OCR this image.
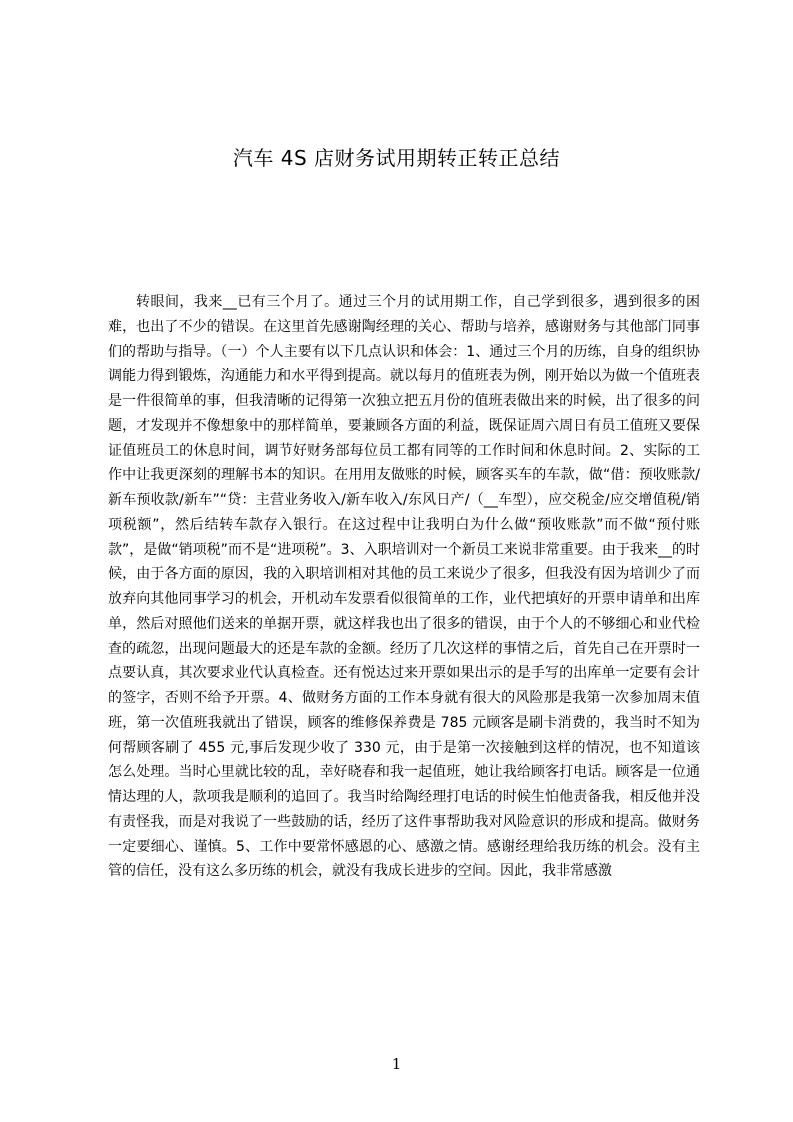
汽车 4S 店财务试用期转正转正总结

转眼间，我来__已有三个月了。通过三个月的试用期工作，自己学到很多，遇到很多的困难，也出了不少的错误。在这里首先感谢陶经理的关心、帮助与培养，感谢财务与其他部门同事们的帮助与指导。（一）个人主要有以下几点认识和体会：1、通过三个月的历练，自身的组织协调能力得到锻炼，沟通能力和水平得到提高。就以每月的值班表为例，刚开始以为做一个值班表是一件很简单的事，但我清晰的记得第一次独立把五月份的值班表做出来的时候，出了很多的问题，才发现并不像想象中的那样简单，要兼顾各方面的利益，既保证周六周日有员工值班又要保证值班员工的休息时间，调节好财务部每位员工都有同等的工作时间和休息时间。2、实际的工作中让我更深刻的理解书本的知识。在用用友做账的时候，顾客买车的车款，做“借：预收账款/新车预收款/新车”“贷：主营业务收入/新车收入/东风日产/（__车型），应交税金/应交增值税/销项税额”，然后结转车款存入银行。在这过程中让我明白为什么做“预收账款”而不做“预付账款”，是做“销项税”而不是“进项税”。3、入职培训对一个新员工来说非常重要。由于我来__的时候，由于各方面的原因，我的入职培训相对其他的员工来说少了很多，但我没有因为培训少了而放弃向其他同事学习的机会，开机动车发票看似很简单的工作，业代把填好的开票申请单和出库单，然后对照他们送来的单据开票，就这样我也出了很多的错误，由于个人的不够细心和业代检查的疏忽，出现问题最大的还是车款的金额。经历了几次这样的事情之后，首先自己在开票时一点要认真，其次要求业代认真检查。还有悦达过来开票如果出示的是手写的出库单一定要有会计的签字，否则不给予开票。4、做财务方面的工作本身就有很大的风险那是我第一次参加周末值班，第一次值班我就出了错误，顾客的维修保养费是 785 元顾客是刷卡消费的，我当时不知为何帮顾客刷了 455 元,事后发现少收了 330 元，由于是第一次接触到这样的情况，也不知道该怎么处理。当时心里就比较的乱，幸好晓春和我一起值班，她让我给顾客打电话。顾客是一位通情达理的人，款项我是顺利的追回了。我当时给陶经理打电话的时候生怕他责备我，相反他并没有责怪我，而是对我说了一些鼓励的话，经历了这件事帮助我对风险意识的形成和提高。做财务一定要细心、谨慎。5、工作中要常怀感恩的心、感激之情。感谢经理给我历练的机会。没有主管的信任，没有这么多历练的机会，就没有我成长进步的空间。因此，我非常感激

1
